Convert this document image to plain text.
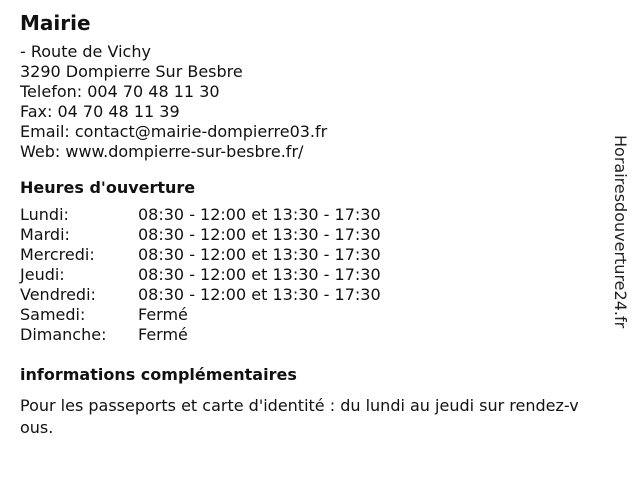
Mairie
- Route de Vichy
3290 Dompierre Sur Besbre
Telefon: 004 70 48 11 30
Fax: 04 70 48 11 39
Email: contact@mairie-dompierre03.fr
Web: www.dompierre-sur-besbre.fr/
Heures d'ouverture
Lundi:	08:30 - 12:00 et 13:30 - 17:30
Mardi:	08:30 - 12:00 et 13:30 - 17:30
Mercredi:	08:30 - 12:00 et 13:30 - 17:30
Jeudi:	08:30 - 12:00 et 13:30 - 17:30
Vendredi:	08:30 - 12:00 et 13:30 - 17:30
Samedi:	Fermé
Dimanche:	Fermé
informations complémentaires
Pour les passeports et carte d'identité : du lundi au jeudi sur rendez-vous.
Horairesdouverture24.fr
